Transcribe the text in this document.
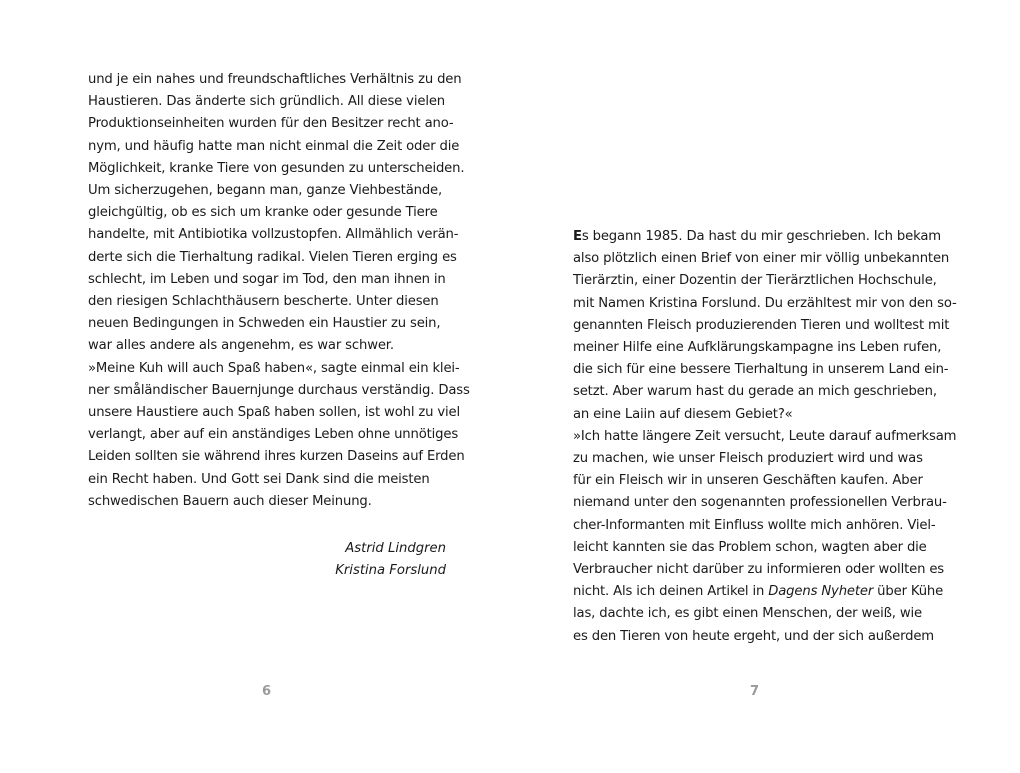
und je ein nahes und freundschaftliches Verhältnis zu den
Haustieren. Das änderte sich gründlich. All diese vielen
Produktionseinheiten wurden für den Besitzer recht ano-
nym, und häufig hatte man nicht einmal die Zeit oder die
Möglichkeit, kranke Tiere von gesunden zu unterscheiden.
Um sicherzugehen, begann man, ganze Viehbestände,
gleichgültig, ob es sich um kranke oder gesunde Tiere
handelte, mit Antibiotika vollzustopfen. Allmählich verän-
derte sich die Tierhaltung radikal. Vielen Tieren erging es
schlecht, im Leben und sogar im Tod, den man ihnen in
den riesigen Schlachthäusern bescherte. Unter diesen
neuen Bedingungen in Schweden ein Haustier zu sein,
war alles andere als angenehm, es war schwer.
»Meine Kuh will auch Spaß haben«, sagte einmal ein klei-
ner småländischer Bauernjunge durchaus verständig. Dass
unsere Haustiere auch Spaß haben sollen, ist wohl zu viel
verlangt, aber auf ein anständiges Leben ohne unnötiges
Leiden sollten sie während ihres kurzen Daseins auf Erden
ein Recht haben. Und Gott sei Dank sind die meisten
schwedischen Bauern auch dieser Meinung.
Astrid Lindgren
Kristina Forslund
6
Es begann 1985. Da hast du mir geschrieben. Ich bekam
also plötzlich einen Brief von einer mir völlig unbekannten
Tierärztin, einer Dozentin der Tierärztlichen Hochschule,
mit Namen Kristina Forslund. Du erzähltest mir von den so-
genannten Fleisch produzierenden Tieren und wolltest mit
meiner Hilfe eine Aufklärungskampagne ins Leben rufen,
die sich für eine bessere Tierhaltung in unserem Land ein-
setzt. Aber warum hast du gerade an mich geschrieben,
an eine Laiin auf diesem Gebiet?«
»Ich hatte längere Zeit versucht, Leute darauf aufmerksam
zu machen, wie unser Fleisch produziert wird und was
für ein Fleisch wir in unseren Geschäften kaufen. Aber
niemand unter den sogenannten professionellen Verbrau-
cher-Informanten mit Einfluss wollte mich anhören. Viel-
leicht kannten sie das Problem schon, wagten aber die
Verbraucher nicht darüber zu informieren oder wollten es
nicht. Als ich deinen Artikel in Dagens Nyheter über Kühe
las, dachte ich, es gibt einen Menschen, der weiß, wie
es den Tieren von heute ergeht, und der sich außerdem
7
